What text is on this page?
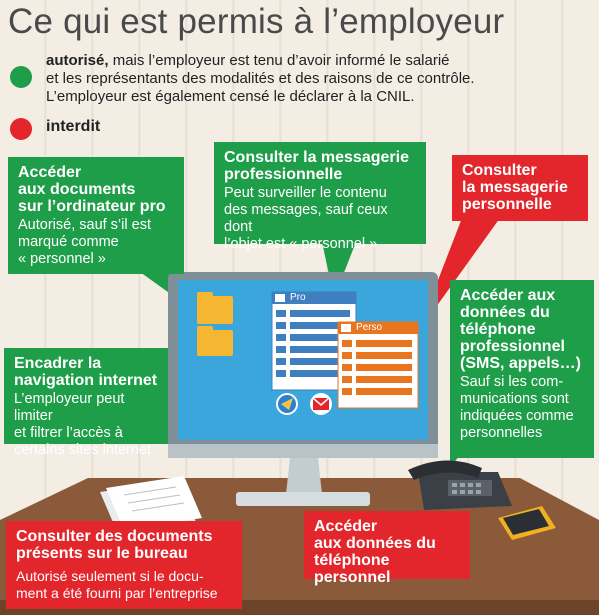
Ce qui est permis à l’employeur
autorisé, mais l’employeur est tenu d’avoir informé le salarié
et les représentants des modalités et des raisons de ce contrôle.
L’employeur est également censé le déclarer à la CNIL.
interdit
Pro
Perso
Accéder
aux documents
sur l’ordinateur pro
Autorisé, sauf s’il est
marqué comme
« personnel »
Consulter la messagerie
professionnelle
Peut surveiller le contenu
des messages, sauf ceux dont
l’objet est « personnel »
Consulter
la messagerie
personnelle
Accéder aux
données du
téléphone
professionnel
(SMS, appels…)
Sauf si les com-
munications sont
indiquées comme
personnelles
Encadrer la
navigation internet
L’employeur peut limiter
et filtrer l’accès à
certains sites internet
Consulter des documents
présents sur le bureau
Autorisé seulement si le docu-
ment a été fourni par l’entreprise
Accéder
aux données du
téléphone personnel
